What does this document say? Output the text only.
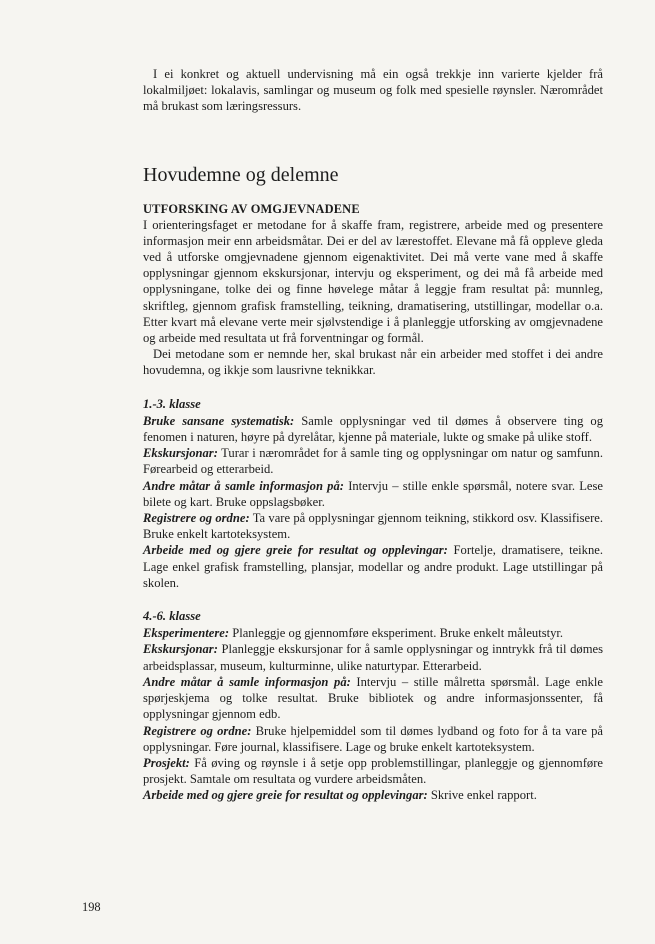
I ei konkret og aktuell undervisning må ein også trekkje inn varierte kjelder frå lokalmiljøet: lokalavis, samlingar og museum og folk med spesielle røynsler. Nærområdet må brukast som læringsressurs.

Hovudemne og delemne
UTFORSKING AV OMGJEVNADENE

I orienteringsfaget er metodane for å skaffe fram, registrere, arbeide med og presentere informasjon meir enn arbeidsmåtar. Dei er del av lærestoffet. Elevane må få oppleve gleda ved å utforske omgjevnadene gjennom eigenaktivitet. Dei må verte vane med å skaffe opplysningar gjennom ekskursjonar, intervju og eksperiment, og dei må få arbeide med opplysningane, tolke dei og finne høvelege måtar å leggje fram resultat på: munnleg, skriftleg, gjennom grafisk framstelling, teikning, dramatisering, utstillingar, modellar o.a. Etter kvart må elevane verte meir sjølvstendige i å planleggje utforsking av omgjevnadene og arbeide med resultata ut frå forventningar og formål.

Dei metodane som er nemnde her, skal brukast når ein arbeider med stoffet i dei andre hovudemna, og ikkje som lausrivne teknikkar.

1.-3. klasse

Bruke sansane systematisk: Samle opplysningar ved til dømes å observere ting og fenomen i naturen, høyre på dyrelåtar, kjenne på materiale, lukte og smake på ulike stoff.

Ekskursjonar: Turar i nærområdet for å samle ting og opplysningar om natur og samfunn. Førearbeid og etterarbeid.

Andre måtar å samle informasjon på: Intervju – stille enkle spørsmål, notere svar. Lese bilete og kart. Bruke oppslagsbøker.

Registrere og ordne: Ta vare på opplysningar gjennom teikning, stikkord osv. Klassifisere. Bruke enkelt kartoteksystem.

Arbeide med og gjere greie for resultat og opplevingar: Fortelje, dramatisere, teikne. Lage enkel grafisk framstelling, plansjar, modellar og andre produkt. Lage utstillingar på skolen.

4.-6. klasse

Eksperimentere: Planleggje og gjennomføre eksperiment. Bruke enkelt måleutstyr.

Ekskursjonar: Planleggje ekskursjonar for å samle opplysningar og inntrykk frå til dømes arbeidsplassar, museum, kulturminne, ulike naturtypar. Etterarbeid.

Andre måtar å samle informasjon på: Intervju – stille målretta spørsmål. Lage enkle spørjeskjema og tolke resultat. Bruke bibliotek og andre informasjonssenter, få opplysningar gjennom edb.

Registrere og ordne: Bruke hjelpemiddel som til dømes lydband og foto for å ta vare på opplysningar. Føre journal, klassifisere. Lage og bruke enkelt kartoteksystem.

Prosjekt: Få øving og røynsle i å setje opp problemstillingar, planleggje og gjennomføre prosjekt. Samtale om resultata og vurdere arbeidsmåten.

Arbeide med og gjere greie for resultat og opplevingar: Skrive enkel rapport.

198
